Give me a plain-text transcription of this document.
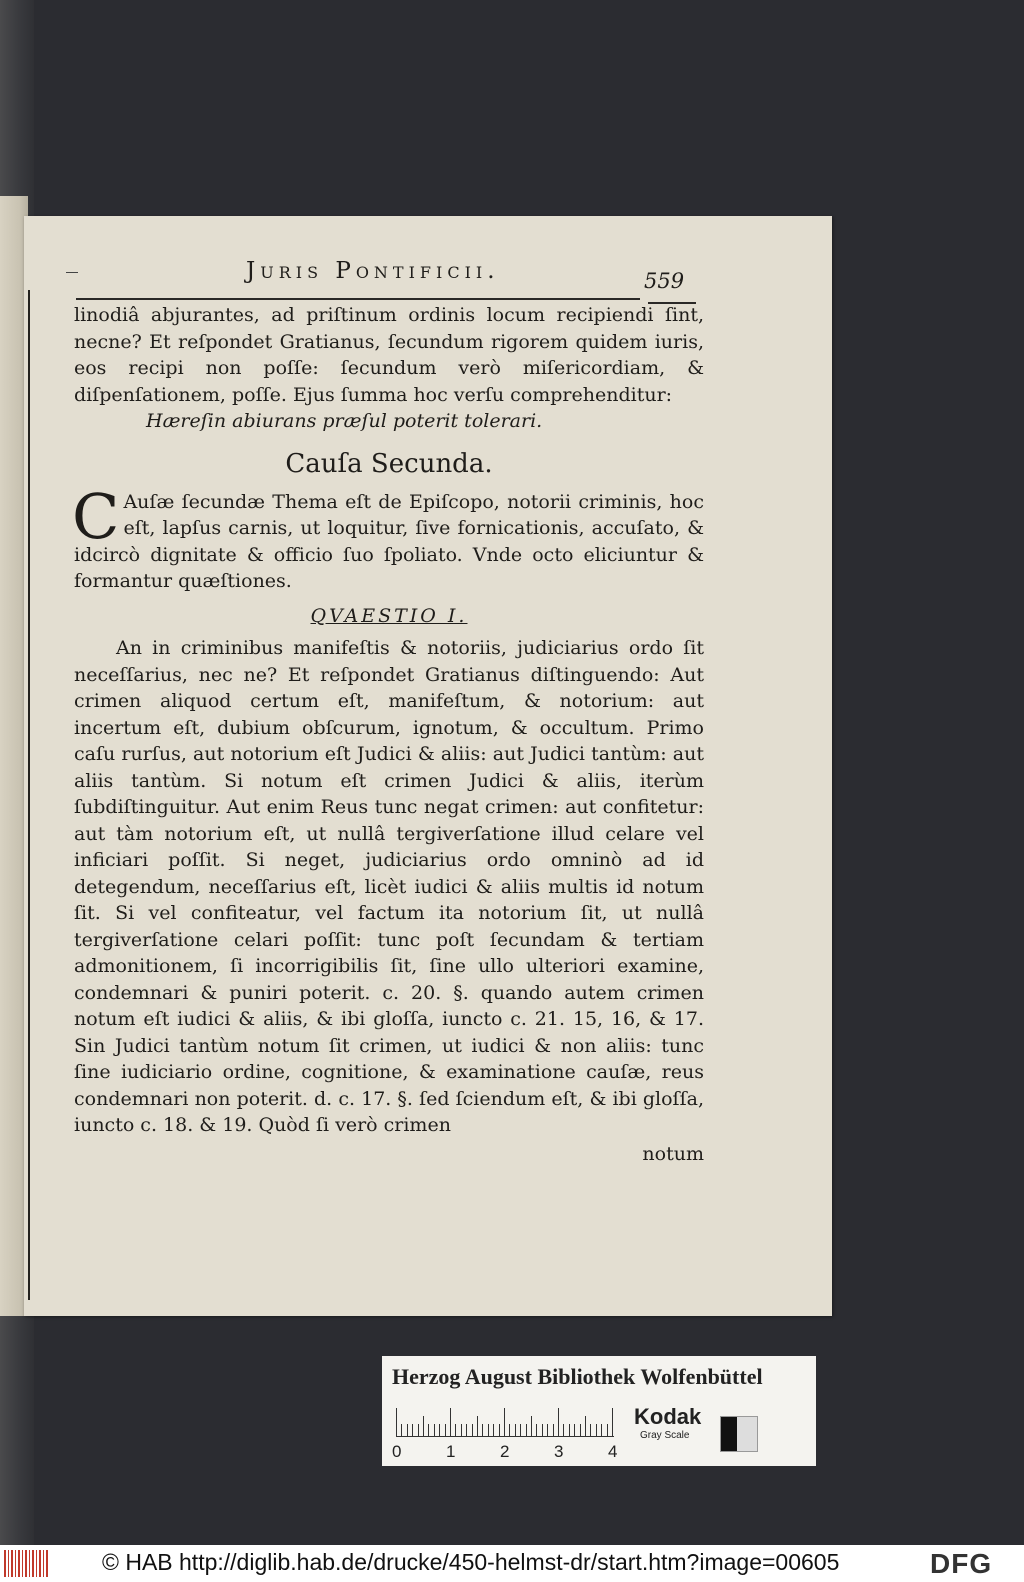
Juris Pontificii.	559

linodiâ abjurantes, ad priſtinum ordinis locum recipiendi ſint, necne? Et reſpondet Gratianus, ſecundum rigorem quidem iuris, eos recipi non poſſe: ſecundum verò miſericordiam, & diſpenſationem, poſſe. Ejus ſumma hoc verſu comprehenditur:

Hæreſin abiurans præſul poterit tolerari.

Cauſa Secunda.

C Auſæ ſecundæ Thema eſt de Epiſcopo, notorii criminis, hoc eſt, lapſus carnis, ut loquitur, ſive fornicationis, accuſato, & idcircò dignitate & officio ſuo ſpoliato. Vnde octo eliciuntur & formantur quæſtiones.

QVAESTIO I.

An in criminibus manifeſtis & notoriis, judiciarius ordo ſit neceſſarius, nec ne? Et reſpondet Gratianus diſtinguendo: Aut crimen aliquod certum eſt, manifeſtum, & notorium: aut incertum eſt, dubium obſcurum, ignotum, & occultum. Primo caſu rurſus, aut notorium eſt Judici & aliis: aut Judici tantùm: aut aliis tantùm. Si notum eſt crimen Judici & aliis, iterùm ſubdiſtinguitur. Aut enim Reus tunc negat crimen: aut confitetur: aut tàm notorium eſt, ut nullâ tergiverſatione illud celare vel inficiari poſſit. Si neget, judiciarius ordo omninò ad id detegendum, neceſſarius eſt, licèt iudici & aliis multis id notum ſit. Si vel confiteatur, vel factum ita notorium ſit, ut nullâ tergiverſatione celari poſſit: tunc poſt ſecundam & tertiam admonitionem, ſi incorrigibilis ſit, ſine ullo ulteriori examine, condemnari & puniri poterit. c. 20. §. quando autem crimen notum eſt iudici & aliis, & ibi gloſſa, iuncto c. 21. 15, 16, & 17. Sin Judici tantùm notum ſit crimen, ut iudici & non aliis: tunc ſine iudiciario ordine, cognitione, & examinatione cauſæ, reus condemnari non poterit. d. c. 17. §. ſed ſciendum eſt, & ibi gloſſa, iuncto c. 18. & 19. Quòd ſi verò crimen

notum
Herzog August Bibliothek Wolfenbüttel
0	1	2	3	4
Kodak
Gray Scale
© HAB http://diglib.hab.de/drucke/450-helmst-dr/start.htm?image=00605	DFG
